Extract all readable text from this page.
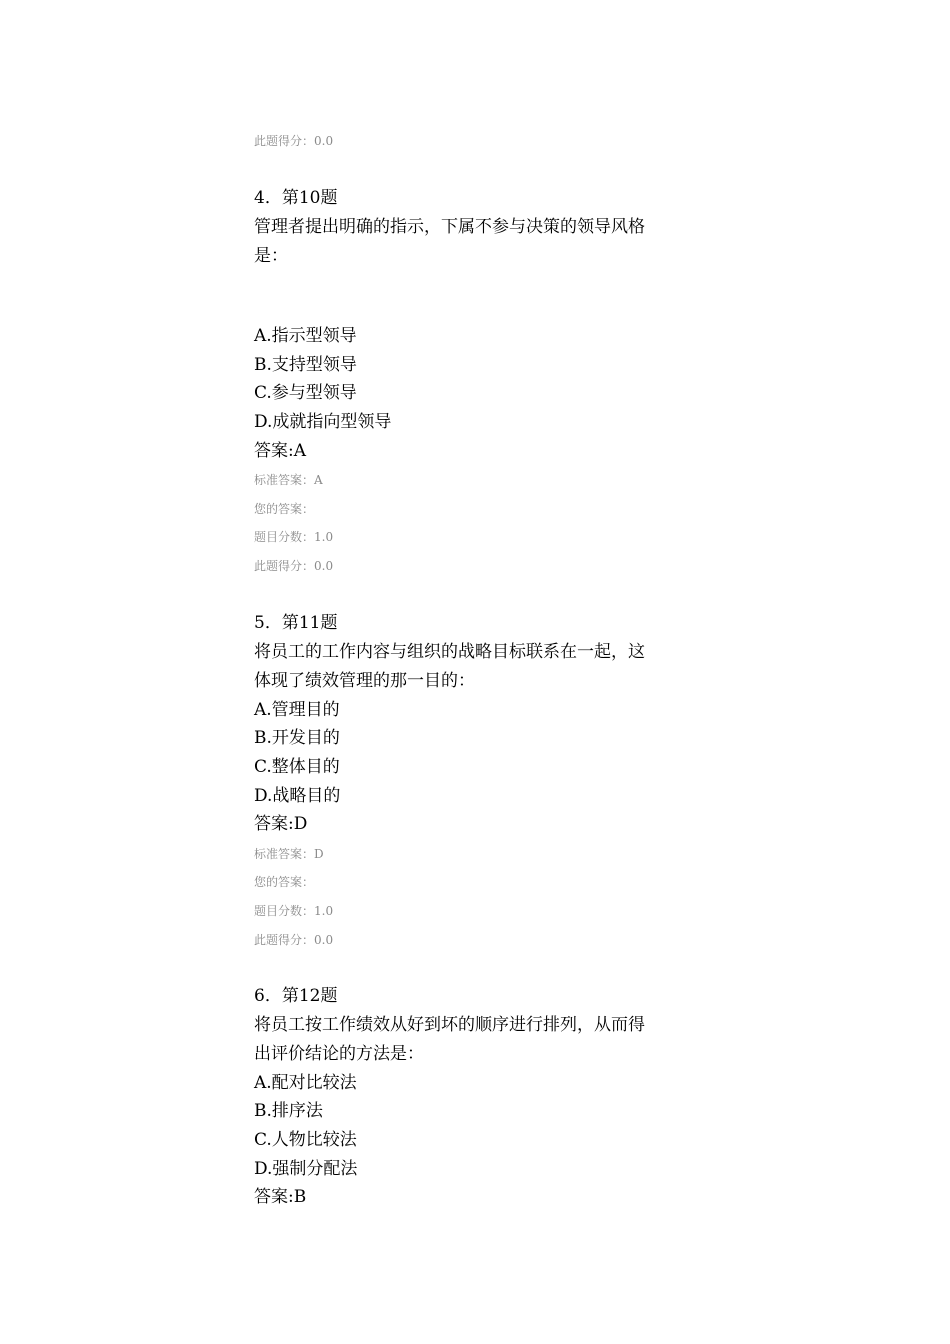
此题得分：0.0
4．第10题
管理者提出明确的指示，下属不参与决策的领导风格
是：
A.指示型领导
B.支持型领导
C.参与型领导
D.成就指向型领导
答案:A
标准答案：A
您的答案：
题目分数：1.0
此题得分：0.0
5．第11题
将员工的工作内容与组织的战略目标联系在一起，这
体现了绩效管理的那一目的：
A.管理目的
B.开发目的
C.整体目的
D.战略目的
答案:D
标准答案：D
您的答案：
题目分数：1.0
此题得分：0.0
6．第12题
将员工按工作绩效从好到坏的顺序进行排列，从而得
出评价结论的方法是：
A.配对比较法
B.排序法
C.人物比较法
D.强制分配法
答案:B
